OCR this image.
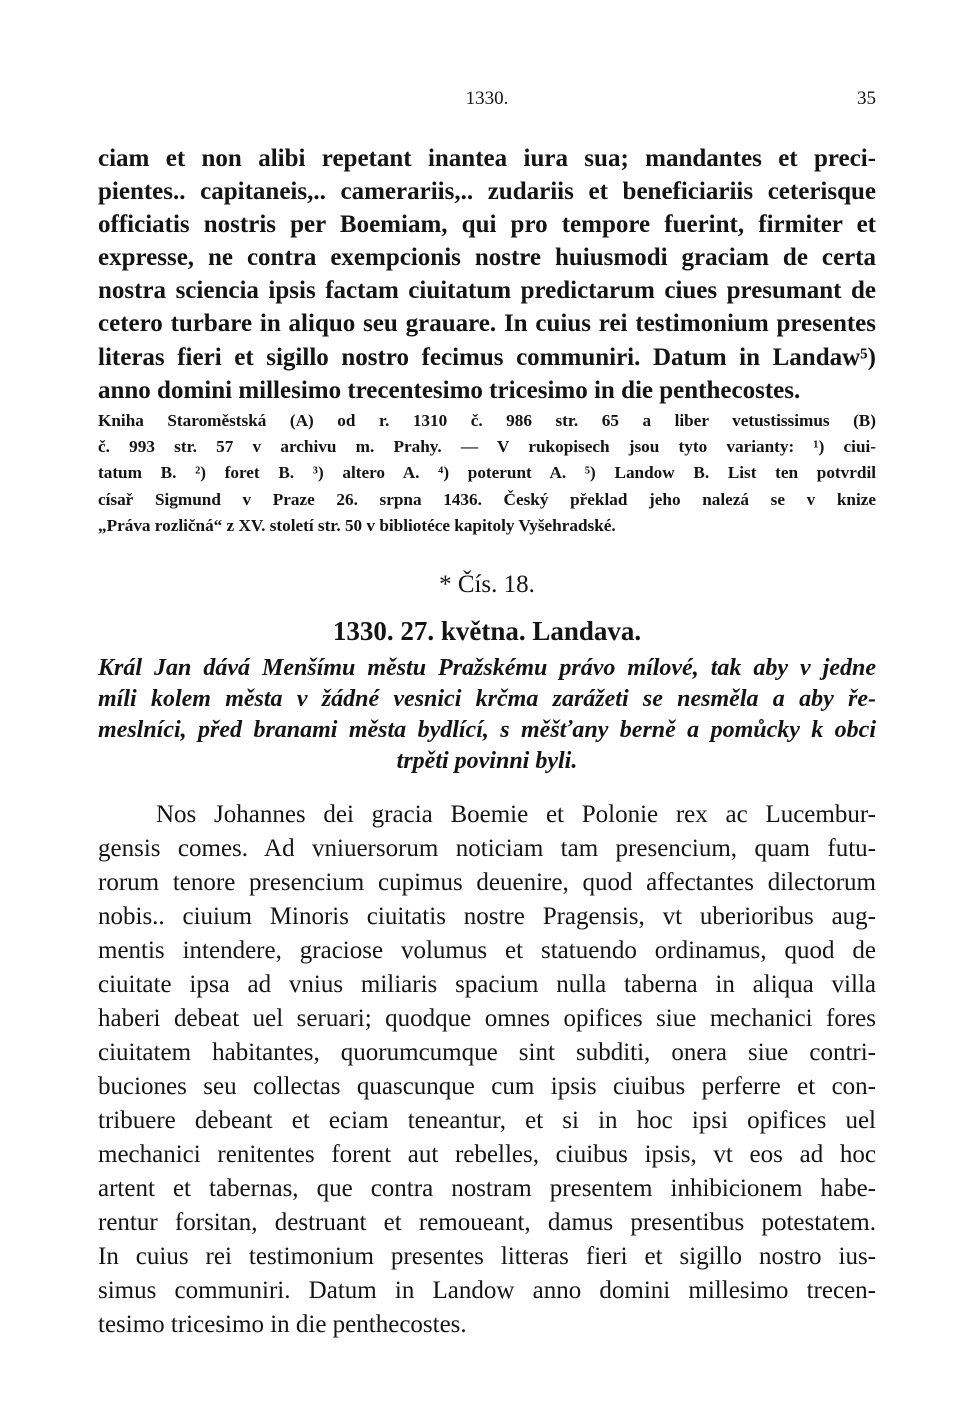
1330.	35
ciam et non alibi repetant inantea iura sua; mandantes et preci-
pientes.. capitaneis,.. camerariis,.. zudariis et beneficiariis ceterisque
officiatis nostris per Boemiam, qui pro tempore fuerint, firmiter et
expresse, ne contra exempcionis nostre huiusmodi graciam de certa
nostra sciencia ipsis factam ciuitatum predictarum ciues presumant de
cetero turbare in aliquo seu grauare. In cuius rei testimonium presentes
literas fieri et sigillo nostro fecimus communiri. Datum in Landaw⁵)
anno domini millesimo trecentesimo tricesimo in die penthecostes.
Kniha Staroměstská (A) od r. 1310 č. 986 str. 65 a liber vetustissimus (B)
č. 993 str. 57 v archivu m. Prahy. — V rukopisech jsou tyto varianty: ¹) ciui-
tatum B. ²) foret B. ³) altero A. ⁴) poterunt A. ⁵) Landow B. List ten potvrdil
císař Sigmund v Praze 26. srpna 1436. Český překlad jeho nalezá se v knize
„Práva rozličná“ z XV. století str. 50 v bibliotéce kapitoly Vyšehradské.
* Čís. 18.
1330. 27. května. Landava.
Král Jan dává Menšímu městu Pražskému právo mílové, tak aby v jedne
míli kolem města v žádné vesnici krčma zarážeti se nesměla a aby ře-
meslníci, před branami města bydlící, s měšťany berně a pomůcky k obci
trpěti povinni byli.
Nos Johannes dei gracia Boemie et Polonie rex ac Lucembur-
gensis comes. Ad vniuersorum noticiam tam presencium, quam futu-
rorum tenore presencium cupimus deuenire, quod affectantes dilectorum
nobis.. ciuium Minoris ciuitatis nostre Pragensis, vt uberioribus aug-
mentis intendere, graciose volumus et statuendo ordinamus, quod de
ciuitate ipsa ad vnius miliaris spacium nulla taberna in aliqua villa
haberi debeat uel seruari; quodque omnes opifices siue mechanici fores
ciuitatem habitantes, quorumcumque sint subditi, onera siue contri-
buciones seu collectas quascunque cum ipsis ciuibus perferre et con-
tribuere debeant et eciam teneantur, et si in hoc ipsi opifices uel
mechanici renitentes forent aut rebelles, ciuibus ipsis, vt eos ad hoc
artent et tabernas, que contra nostram presentem inhibicionem habe-
rentur forsitan, destruant et remoueant, damus presentibus potestatem.
In cuius rei testimonium presentes litteras fieri et sigillo nostro ius-
simus communiri. Datum in Landow anno domini millesimo trecen-
tesimo tricesimo in die penthecostes.
